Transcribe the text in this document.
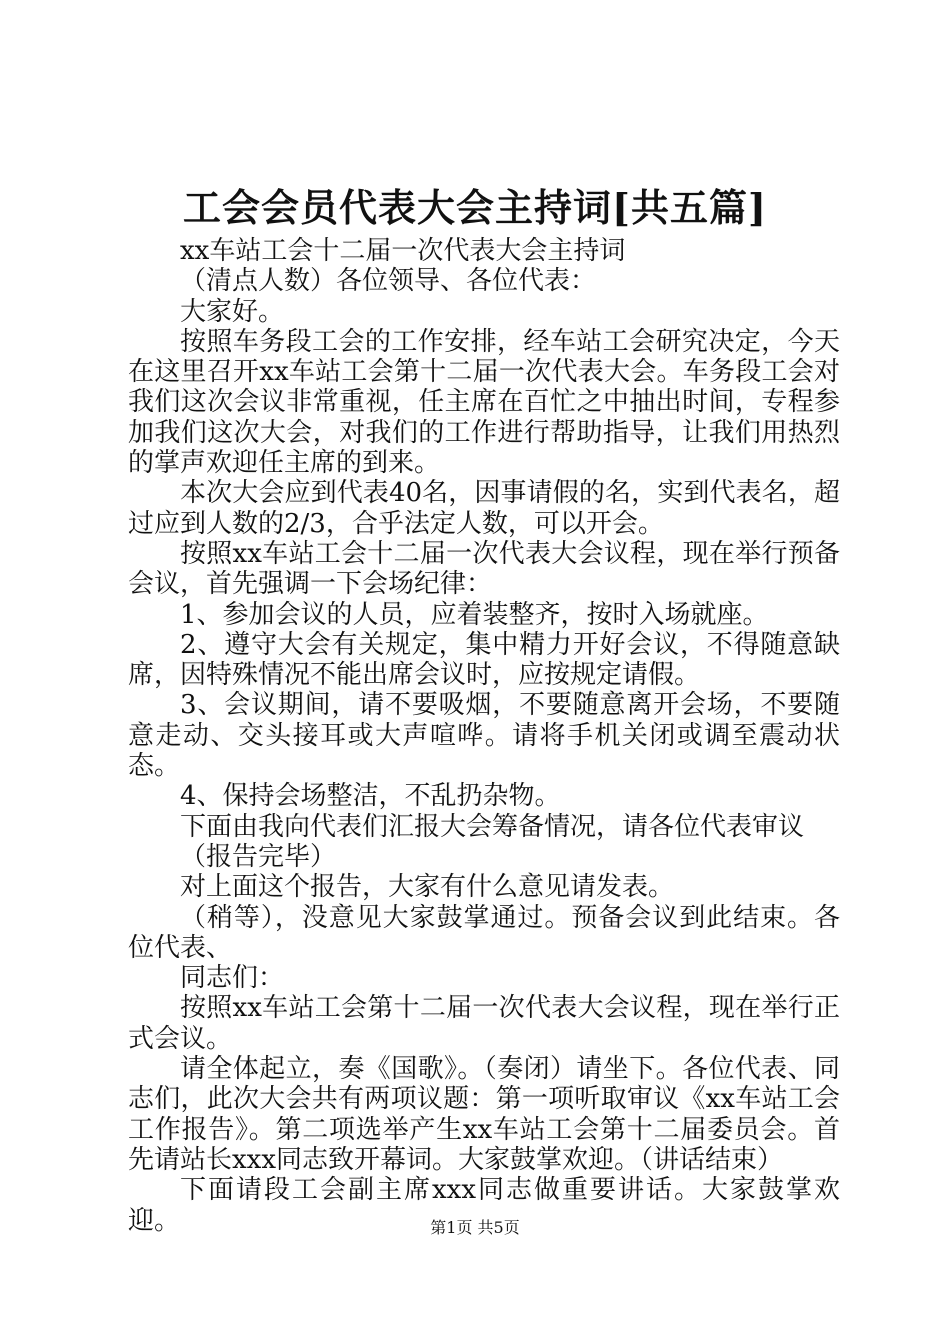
工会会员代表大会主持词[共五篇]

xx车站工会十二届一次代表大会主持词

（清点人数）各位领导、各位代表：

大家好。

按照车务段工会的工作安排，经车站工会研究决定，今天在这里召开xx车站工会第十二届一次代表大会。车务段工会对我们这次会议非常重视，任主席在百忙之中抽出时间，专程参加我们这次大会，对我们的工作进行帮助指导，让我们用热烈的掌声欢迎任主席的到来。

本次大会应到代表40名，因事请假的名，实到代表名，超过应到人数的2/3，合乎法定人数，可以开会。

按照xx车站工会十二届一次代表大会议程，现在举行预备会议，首先强调一下会场纪律：

1、参加会议的人员，应着装整齐，按时入场就座。

2、遵守大会有关规定，集中精力开好会议，不得随意缺席，因特殊情况不能出席会议时，应按规定请假。

3、会议期间，请不要吸烟，不要随意离开会场，不要随意走动、交头接耳或大声喧哗。请将手机关闭或调至震动状态。

4、保持会场整洁，不乱扔杂物。

下面由我向代表们汇报大会筹备情况，请各位代表审议

（报告完毕）

对上面这个报告，大家有什么意见请发表。

（稍等），没意见大家鼓掌通过。预备会议到此结束。各位代表、

同志们：

按照xx车站工会第十二届一次代表大会议程，现在举行正式会议。

请全体起立，奏《国歌》。（奏闭）请坐下。各位代表、同志们，此次大会共有两项议题：第一项听取审议《xx车站工会工作报告》。第二项选举产生xx车站工会第十二届委员会。首先请站长xxx同志致开幕词。大家鼓掌欢迎。（讲话结束）

下面请段工会副主席xxx同志做重要讲话。大家鼓掌欢迎。	第1页 共5页
